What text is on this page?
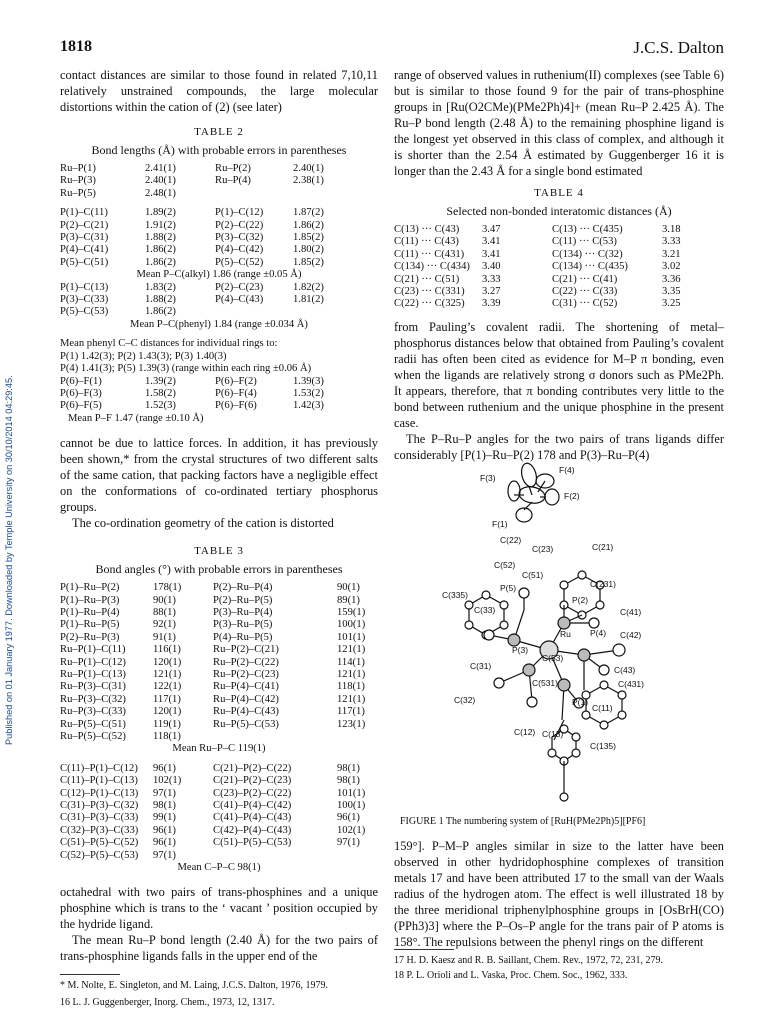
1818	J.C.S. Dalton
Published on 01 January 1977. Downloaded by Temple University on 30/10/2014 04:29:45.

contact distances are similar to those found in related 7,10,11 relatively unstrained compounds, the large molecular distortions within the cation of (2) (see later)

TABLE 2
Bond lengths (Å) with probable errors in parentheses
Ru–P(1)	2.41(1)	Ru–P(2)	2.40(1)
Ru–P(3)	2.40(1)	Ru–P(4)	2.38(1)
Ru–P(5)	2.48(1)
P(1)–C(11)	1.89(2)	P(1)–C(12)	1.87(2)
P(2)–C(21)	1.91(2)	P(2)–C(22)	1.86(2)
P(3)–C(31)	1.88(2)	P(3)–C(32)	1.85(2)
P(4)–C(41)	1.86(2)	P(4)–C(42)	1.80(2)
P(5)–C(51)	1.86(2)	P(5)–C(52)	1.85(2)
Mean P–C(alkyl) 1.86 (range ±0.05 Å)
P(1)–C(13)	1.83(2)	P(2)–C(23)	1.82(2)
P(3)–C(33)	1.88(2)	P(4)–C(43)	1.81(2)
P(5)–C(53)	1.86(2)
Mean P–C(phenyl) 1.84 (range ±0.034 Å)
Mean phenyl C–C distances for individual rings to:
P(1) 1.42(3); P(2) 1.43(3); P(3) 1.40(3)
P(4) 1.41(3); P(5) 1.39(3) (range within each ring ±0.06 Å)
P(6)–F(1)	1.39(2)	P(6)–F(2)	1.39(3)
P(6)–F(3)	1.58(2)	P(6)–F(4)	1.53(2)
P(6)–F(5)	1.52(3)	P(6)–F(6)	1.42(3)
Mean P–F 1.47 (range ±0.10 Å)

cannot be due to lattice forces. In addition, it has previously been shown,* from the crystal structures of two different salts of the same cation, that packing factors have a negligible effect on the conformations of co-ordinated tertiary phosphorus groups.

The co-ordination geometry of the cation is distorted

TABLE 3
Bond angles (°) with probable errors in parentheses
P(1)–Ru–P(2)	178(1)	P(2)–Ru–P(4)	90(1)
P(1)–Ru–P(3)	90(1)	P(2)–Ru–P(5)	89(1)
P(1)–Ru–P(4)	88(1)	P(3)–Ru–P(4)	159(1)
P(1)–Ru–P(5)	92(1)	P(3)–Ru–P(5)	100(1)
P(2)–Ru–P(3)	91(1)	P(4)–Ru–P(5)	101(1)
Ru–P(1)–C(11)	116(1)	Ru–P(2)–C(21)	121(1)
Ru–P(1)–C(12)	120(1)	Ru–P(2)–C(22)	114(1)
Ru–P(1)–C(13)	121(1)	Ru–P(2)–C(23)	121(1)
Ru–P(3)–C(31)	122(1)	Ru–P(4)–C(41)	118(1)
Ru–P(3)–C(32)	117(1)	Ru–P(4)–C(42)	121(1)
Ru–P(3)–C(33)	120(1)	Ru–P(4)–C(43)	117(1)
Ru–P(5)–C(51)	119(1)	Ru–P(5)–C(53)	123(1)
Ru–P(5)–C(52)	118(1)
Mean Ru–P–C 119(1)
C(11)–P(1)–C(12)	96(1)	C(21)–P(2)–C(22)	98(1)
C(11)–P(1)–C(13)	102(1)	C(21)–P(2)–C(23)	98(1)
C(12)–P(1)–C(13)	97(1)	C(23)–P(2)–C(22)	101(1)
C(31)–P(3)–C(32)	98(1)	C(41)–P(4)–C(42)	100(1)
C(31)–P(3)–C(33)	99(1)	C(41)–P(4)–C(43)	96(1)
C(32)–P(3)–C(33)	96(1)	C(42)–P(4)–C(43)	102(1)
C(51)–P(5)–C(52)	96(1)	C(51)–P(5)–C(53)	97(1)
C(52)–P(5)–C(53)	97(1)
Mean C–P–C 98(1)

octahedral with two pairs of trans-phosphines and a unique phosphine which is trans to the ‘ vacant ’ position occupied by the hydride ligand.

The mean Ru–P bond length (2.40 Å) for the two pairs of trans-phosphine ligands falls in the upper end of the

* M. Nolte, E. Singleton, and M. Laing, J.C.S. Dalton, 1976, 1979.
16 L. J. Guggenberger, Inorg. Chem., 1973, 12, 1317.

range of observed values in ruthenium(II) complexes (see Table 6) but is similar to those found 9 for the pair of trans-phosphine groups in [Ru(O2CMe)(PMe2Ph)4]+ (mean Ru–P 2.425 Å). The Ru–P bond length (2.48 Å) to the remaining phosphine ligand is the longest yet observed in this class of complex, and although it is shorter than the 2.54 Å estimated by Guggenberger 16 it is longer than the 2.43 Å for a single bond estimated

TABLE 4
Selected non-bonded interatomic distances (Å)
C(13) ··· C(43)	3.47	C(13) ··· C(435)	3.18
C(11) ··· C(43)	3.41	C(11) ··· C(53)	3.33
C(11) ··· C(431)	3.41	C(134) ··· C(32)	3.21
C(134) ··· C(434)	3.40	C(134) ··· C(435)	3.02
C(21) ··· C(51)	3.33	C(21) ··· C(41)	3.36
C(23) ··· C(331)	3.27	C(22) ··· C(33)	3.35
C(22) ··· C(325)	3.39	C(31) ··· C(52)	3.25

from Pauling’s covalent radii. The shortening of metal–phosphorus distances below that obtained from Pauling’s covalent radii has often been cited as evidence for M–P π bonding, even when the ligands are relatively strong σ donors such as PMe2Ph. It appears, therefore, that π bonding contributes very little to the bond between ruthenium and the unique phosphine in the present case.

The P–Ru–P angles for the two pairs of trans ligands differ considerably [P(1)–Ru–P(2) 178 and P(3)–Ru–P(4)

F(4)
F(3)
F(2)
F(1)
C(22)
C(23)	C(21)
C(52)
C(51)
P(2)
C(231)
C(335)
P(5)
C(41)
C(33)
Ru P(4) C(42)
P(3)
C(53)
C(31)	C(43)
C(431)
C(531)
P(1)
C(32)
C(11)
C(12) C(13)
C(135)
FIGURE 1 The numbering system of [RuH(PMe2Ph)5][PF6]

159°]. P–M–P angles similar in size to the latter have been observed in other hydridophosphine complexes of transition metals 17 and have been attributed 17 to the small van der Waals radius of the hydrogen atom. The effect is well illustrated 18 by the three meridional triphenylphosphine groups in [OsBrH(CO)(PPh3)3] where the P–Os–P angle for the trans pair of P atoms is 158°. The repulsions between the phenyl rings on the different

17 H. D. Kaesz and R. B. Saillant, Chem. Rev., 1972, 72, 231, 279.
18 P. L. Orioli and L. Vaska, Proc. Chem. Soc., 1962, 333.
